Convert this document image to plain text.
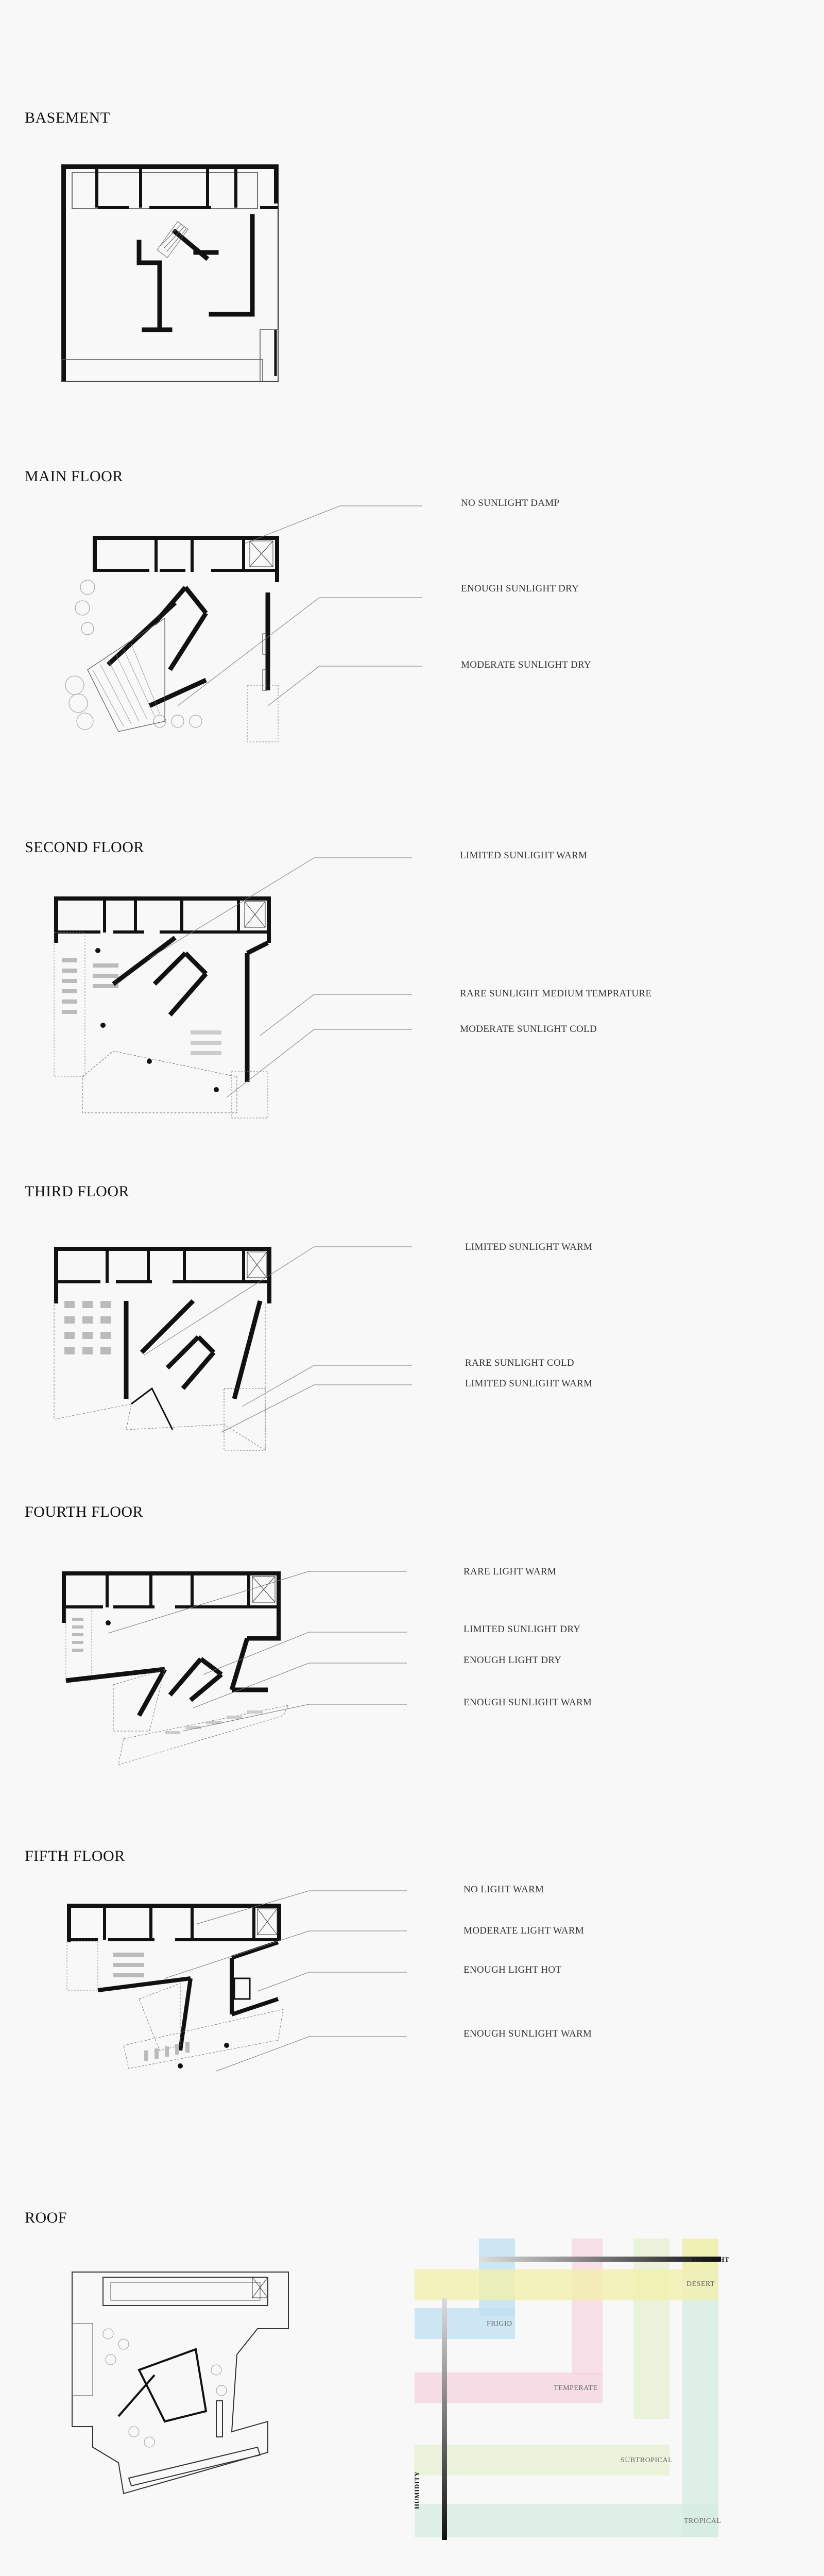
BASEMENT
MAIN FLOOR
SECOND FLOOR
THIRD FLOOR
FOURTH FLOOR
FIFTH FLOOR
ROOF
NO SUNLIGHT DAMP
ENOUGH SUNLIGHT DRY
MODERATE SUNLIGHT DRY
LIMITED SUNLIGHT WARM
RARE SUNLIGHT MEDIUM TEMPRATURE
MODERATE SUNLIGHT COLD
LIMITED SUNLIGHT WARM
RARE SUNLIGHT COLD
LIMITED SUNLIGHT WARM
RARE LIGHT WARM
LIMITED SUNLIGHT DRY
ENOUGH LIGHT DRY
ENOUGH SUNLIGHT WARM
NO LIGHT WARM
MODERATE LIGHT WARM
ENOUGH LIGHT HOT
ENOUGH SUNLIGHT WARM
DESERT
FRIGID
TEMPERATE
SUBTROPICAL
TROPICAL
SUNLIGHT
HUMIDITY
